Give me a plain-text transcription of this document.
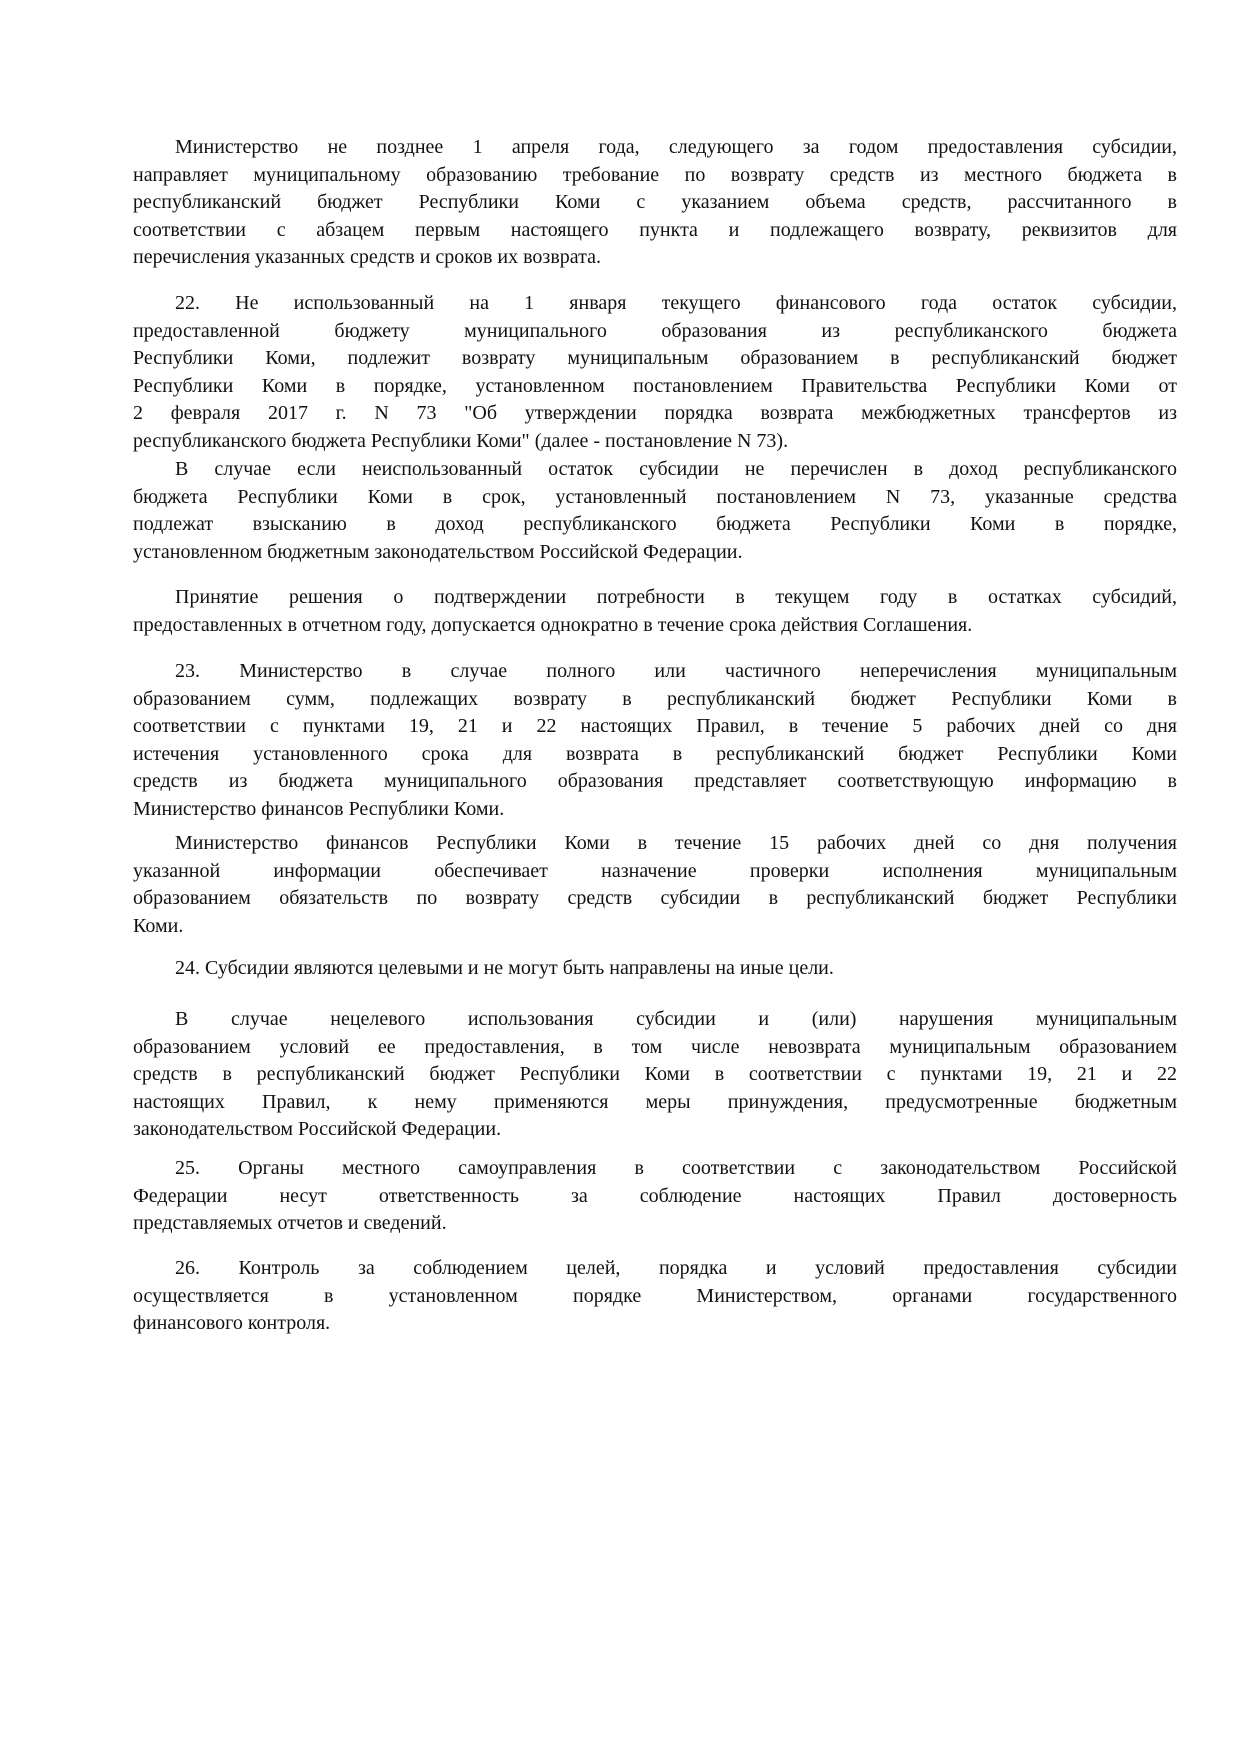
Министерство не позднее 1 апреля года, следующего за годом предоставления субсидии,
направляет муниципальному образованию требование по возврату средств из местного бюджета в
республиканский бюджет Республики Коми с указанием объема средств, рассчитанного в
соответствии с абзацем первым настоящего пункта и подлежащего возврату, реквизитов для
перечисления указанных средств и сроков их возврата.
22. Не использованный на 1 января текущего финансового года остаток субсидии,
предоставленной бюджету муниципального образования из республиканского бюджета
Республики Коми, подлежит возврату муниципальным образованием в республиканский бюджет
Республики Коми в порядке, установленном постановлением Правительства Республики Коми от
2 февраля 2017 г. N 73 "Об утверждении порядка возврата межбюджетных трансфертов из
республиканского бюджета Республики Коми" (далее - постановление N 73).
В случае если неиспользованный остаток субсидии не перечислен в доход республиканского
бюджета Республики Коми в срок, установленный постановлением N 73, указанные средства
подлежат взысканию в доход республиканского бюджета Республики Коми в порядке,
установленном бюджетным законодательством Российской Федерации.
Принятие решения о подтверждении потребности в текущем году в остатках субсидий,
предоставленных в отчетном году, допускается однократно в течение срока действия Соглашения.
23. Министерство в случае полного или частичного неперечисления муниципальным
образованием сумм, подлежащих возврату в республиканский бюджет Республики Коми в
соответствии с пунктами 19, 21 и 22 настоящих Правил, в течение 5 рабочих дней со дня
истечения установленного срока для возврата в республиканский бюджет Республики Коми
средств из бюджета муниципального образования представляет соответствующую информацию в
Министерство финансов Республики Коми.
Министерство финансов Республики Коми в течение 15 рабочих дней со дня получения
указанной информации обеспечивает назначение проверки исполнения муниципальным
образованием обязательств по возврату средств субсидии в республиканский бюджет Республики
Коми.
24. Субсидии являются целевыми и не могут быть направлены на иные цели.
В случае нецелевого использования субсидии и (или) нарушения муниципальным
образованием условий ее предоставления, в том числе невозврата муниципальным образованием
средств в республиканский бюджет Республики Коми в соответствии с пунктами 19, 21 и 22
настоящих Правил, к нему применяются меры принуждения, предусмотренные бюджетным
законодательством Российской Федерации.
25. Органы местного самоуправления в соответствии с законодательством Российской
Федерации несут ответственность за соблюдение настоящих Правил достоверность
представляемых отчетов и сведений.
26. Контроль за соблюдением целей, порядка и условий предоставления субсидии
осуществляется в установленном порядке Министерством, органами государственного
финансового контроля.
